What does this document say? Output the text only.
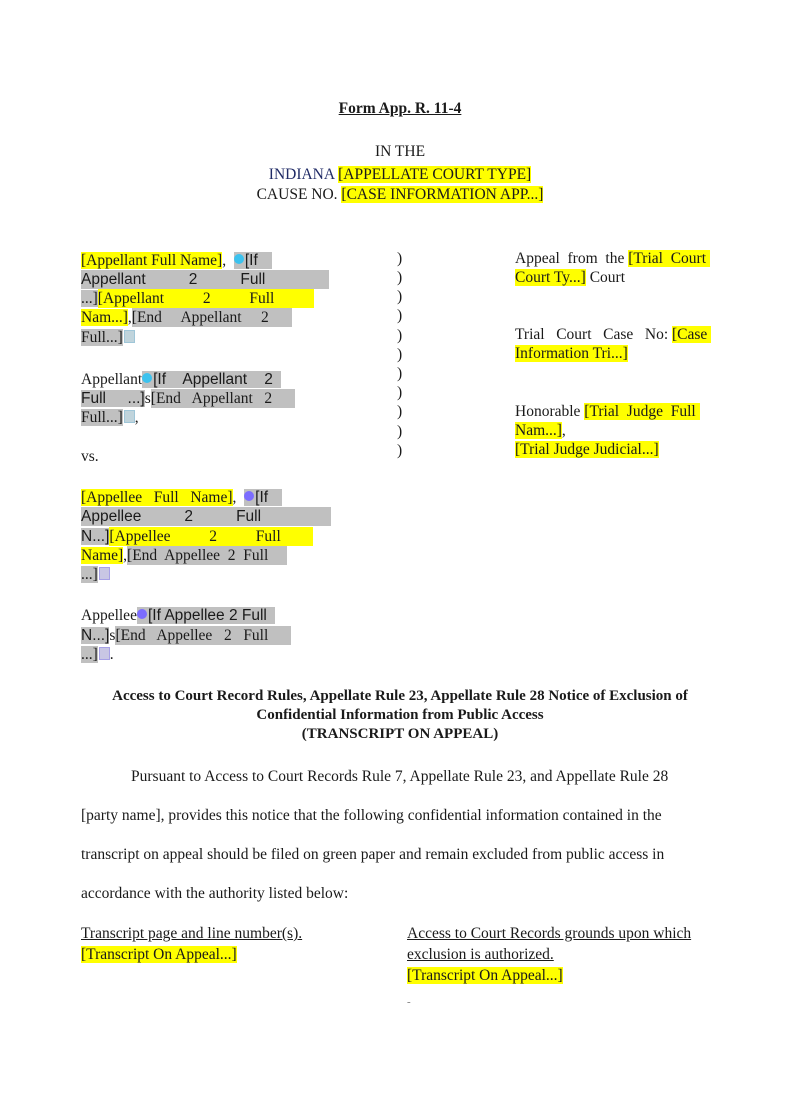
Form App. R. 11-4
IN THE
INDIANA [APPELLATE COURT TYPE]
CAUSE NO. [CASE INFORMATION APP...]
[Appellant Full Name], [If
Appellant          2          Full
...][Appellant          2          Full
Nam...],[End     Appellant     2
Full...]
Appellant [If    Appellant    2
Full     ...]s[End   Appellant   2
Full...] ,
vs.
[Appellee   Full   Name], [If
Appellee          2          Full
N...][Appellee          2          Full
Name],[End  Appellee  2  Full
...]
Appellee [If Appellee 2 Full
N...]s[End   Appellee   2   Full
...] .
)
)
)
)
)
)
)
)
)
)
)
Appeal  from  the [Trial  Court
Court Ty...] Court
Trial   Court   Case   No: [Case
Information Tri...]
Honorable [Trial  Judge  Full
Nam...],
[Trial Judge Judicial...]
Access to Court Record Rules, Appellate Rule 23, Appellate Rule 28 Notice of Exclusion of
Confidential Information from Public Access
(TRANSCRIPT ON APPEAL)
Pursuant to Access to Court Records Rule 7, Appellate Rule 23, and Appellate Rule 28
[party name], provides this notice that the following confidential information contained in the
transcript on appeal should be filed on green paper and remain excluded from public access in
accordance with the authority listed below:
Transcript page and line number(s).
[Transcript On Appeal...]
Access to Court Records grounds upon which
exclusion is authorized.
[Transcript On Appeal...]
-
